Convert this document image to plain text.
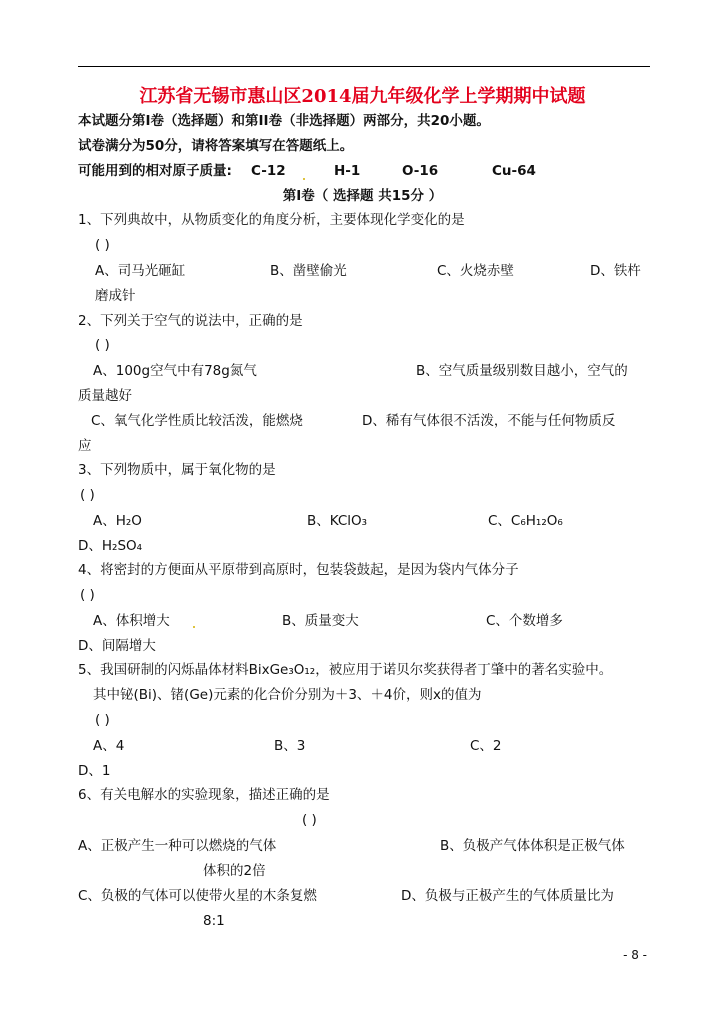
江苏省无锡市惠山区2014届九年级化学上学期期中试题
本试题分第Ⅰ卷（选择题）和第II卷（非选择题）两部分，共20小题。
试卷满分为50分，请将答案填写在答题纸上。
可能用到的相对原子质量: C-12	H-1	O-16	Cu-64
第Ⅰ卷（ 选择题 共15分 ）
1、下列典故中，从物质变化的角度分析，主要体现化学变化的是
( )
A、司马光砸缸	B、凿壁偷光	C、火烧赤壁	D、铁杵
磨成针
2、下列关于空气的说法中，正确的是
( )
A、100g空气中有78g氮气	B、空气质量级别数目越小，空气的
质量越好
C、氧气化学性质比较活泼，能燃烧	D、稀有气体很不活泼，不能与任何物质反
应
3、下列物质中，属于氧化物的是
( )
A、H₂O	B、KClO₃	C、C₆H₁₂O₆
D、H₂SO₄
4、将密封的方便面从平原带到高原时，包装袋鼓起，是因为袋内气体分子
( )
A、体积增大	B、质量变大	C、个数增多
D、间隔增大
5、我国研制的闪烁晶体材料BixGe₃O₁₂，被应用于诺贝尔奖获得者丁肇中的著名实验中。
其中铋(Bi)、锗(Ge)元素的化合价分别为＋3、＋4价，则x的值为
( )
A、4	B、3	C、2
D、1
6、有关电解水的实验现象，描述正确的是
( )
A、正极产生一种可以燃烧的气体	B、负极产气体体积是正极气体
体积的2倍
C、负极的气体可以使带火星的木条复燃	D、负极与正极产生的气体质量比为
8:1
- 8 -
